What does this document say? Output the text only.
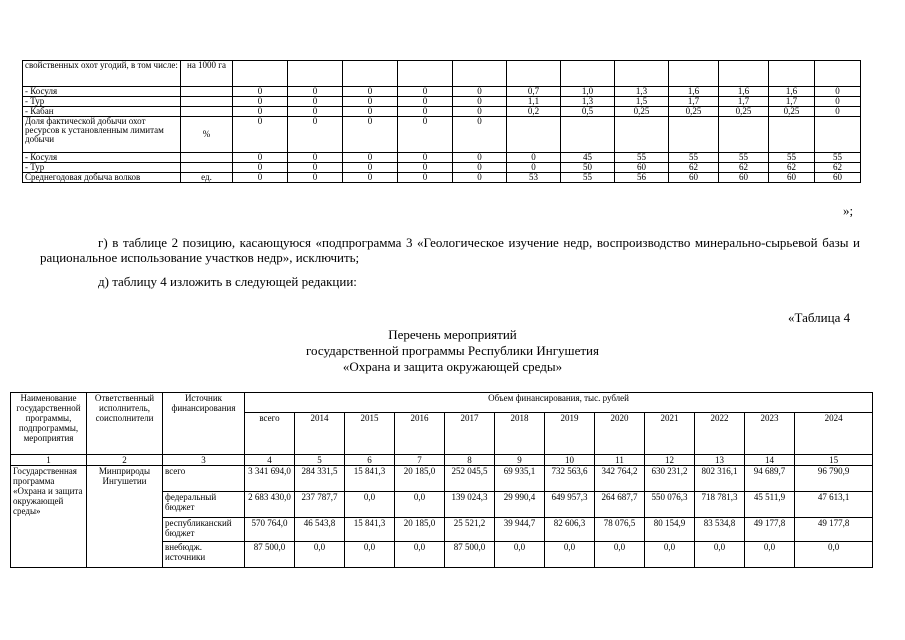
свойственных охот угодий, в том числе:	на 1000 га												
- Косуля		0	0	0	0	0	0,7	1,0	1,3	1,6	1,6	1,6	0
- Тур		0	0	0	0	0	1,1	1,3	1,5	1,7	1,7	1,7	0
- Кабан		0	0	0	0	0	0,2	0,5	0,25	0,25	0,25	0,25	0
Доля фактической добычи охот ресурсов к установленным лимитам добычи	%	0	0	0	0	0							
- Косуля		0	0	0	0	0	0	45	55	55	55	55	55
- Тур		0	0	0	0	0	0	50	60	62	62	62	62
Среднегодовая добыча волков	ед.	0	0	0	0	0	53	55	56	60	60	60	60
»;
г) в таблице 2 позицию, касающуюся «подпрограмма 3 «Геологическое изучение недр, воспроизводство минерально-сырьевой базы и рациональное использование участков недр», исключить;
д) таблицу 4 изложить в следующей редакции:
«Таблица 4
Перечень мероприятий
государственной программы Республики Ингушетия
«Охрана и защита окружающей среды»
Наименование государственной программы, подпрограммы, мероприятия	Ответственный исполнитель, соисполнители	Источник финансирования	Объем финансирования, тыс. рублей											
			всего	2014	2015	2016	2017	2018	2019	2020	2021	2022	2023	2024
1	2	3	4	5	6	7	8	9	10	11	12	13	14	15
Государственная программа «Охрана и защита окружающей среды»	Минприроды Ингушетии	всего	3 341 694,0	284 331,5	15 841,3	20 185,0	252 045,5	69 935,1	732 563,6	342 764,2	630 231,2	802 316,1	94 689,7	96 790,9
		федеральный бюджет	2 683 430,0	237 787,7	0,0	0,0	139 024,3	29 990,4	649 957,3	264 687,7	550 076,3	718 781,3	45 511,9	47 613,1
		республиканский бюджет	570 764,0	46 543,8	15 841,3	20 185,0	25 521,2	39 944,7	82 606,3	78 076,5	80 154,9	83 534,8	49 177,8	49 177,8
		внебюдж. источники	87 500,0	0,0	0,0	0,0	87 500,0	0,0	0,0	0,0	0,0	0,0	0,0	0,0
